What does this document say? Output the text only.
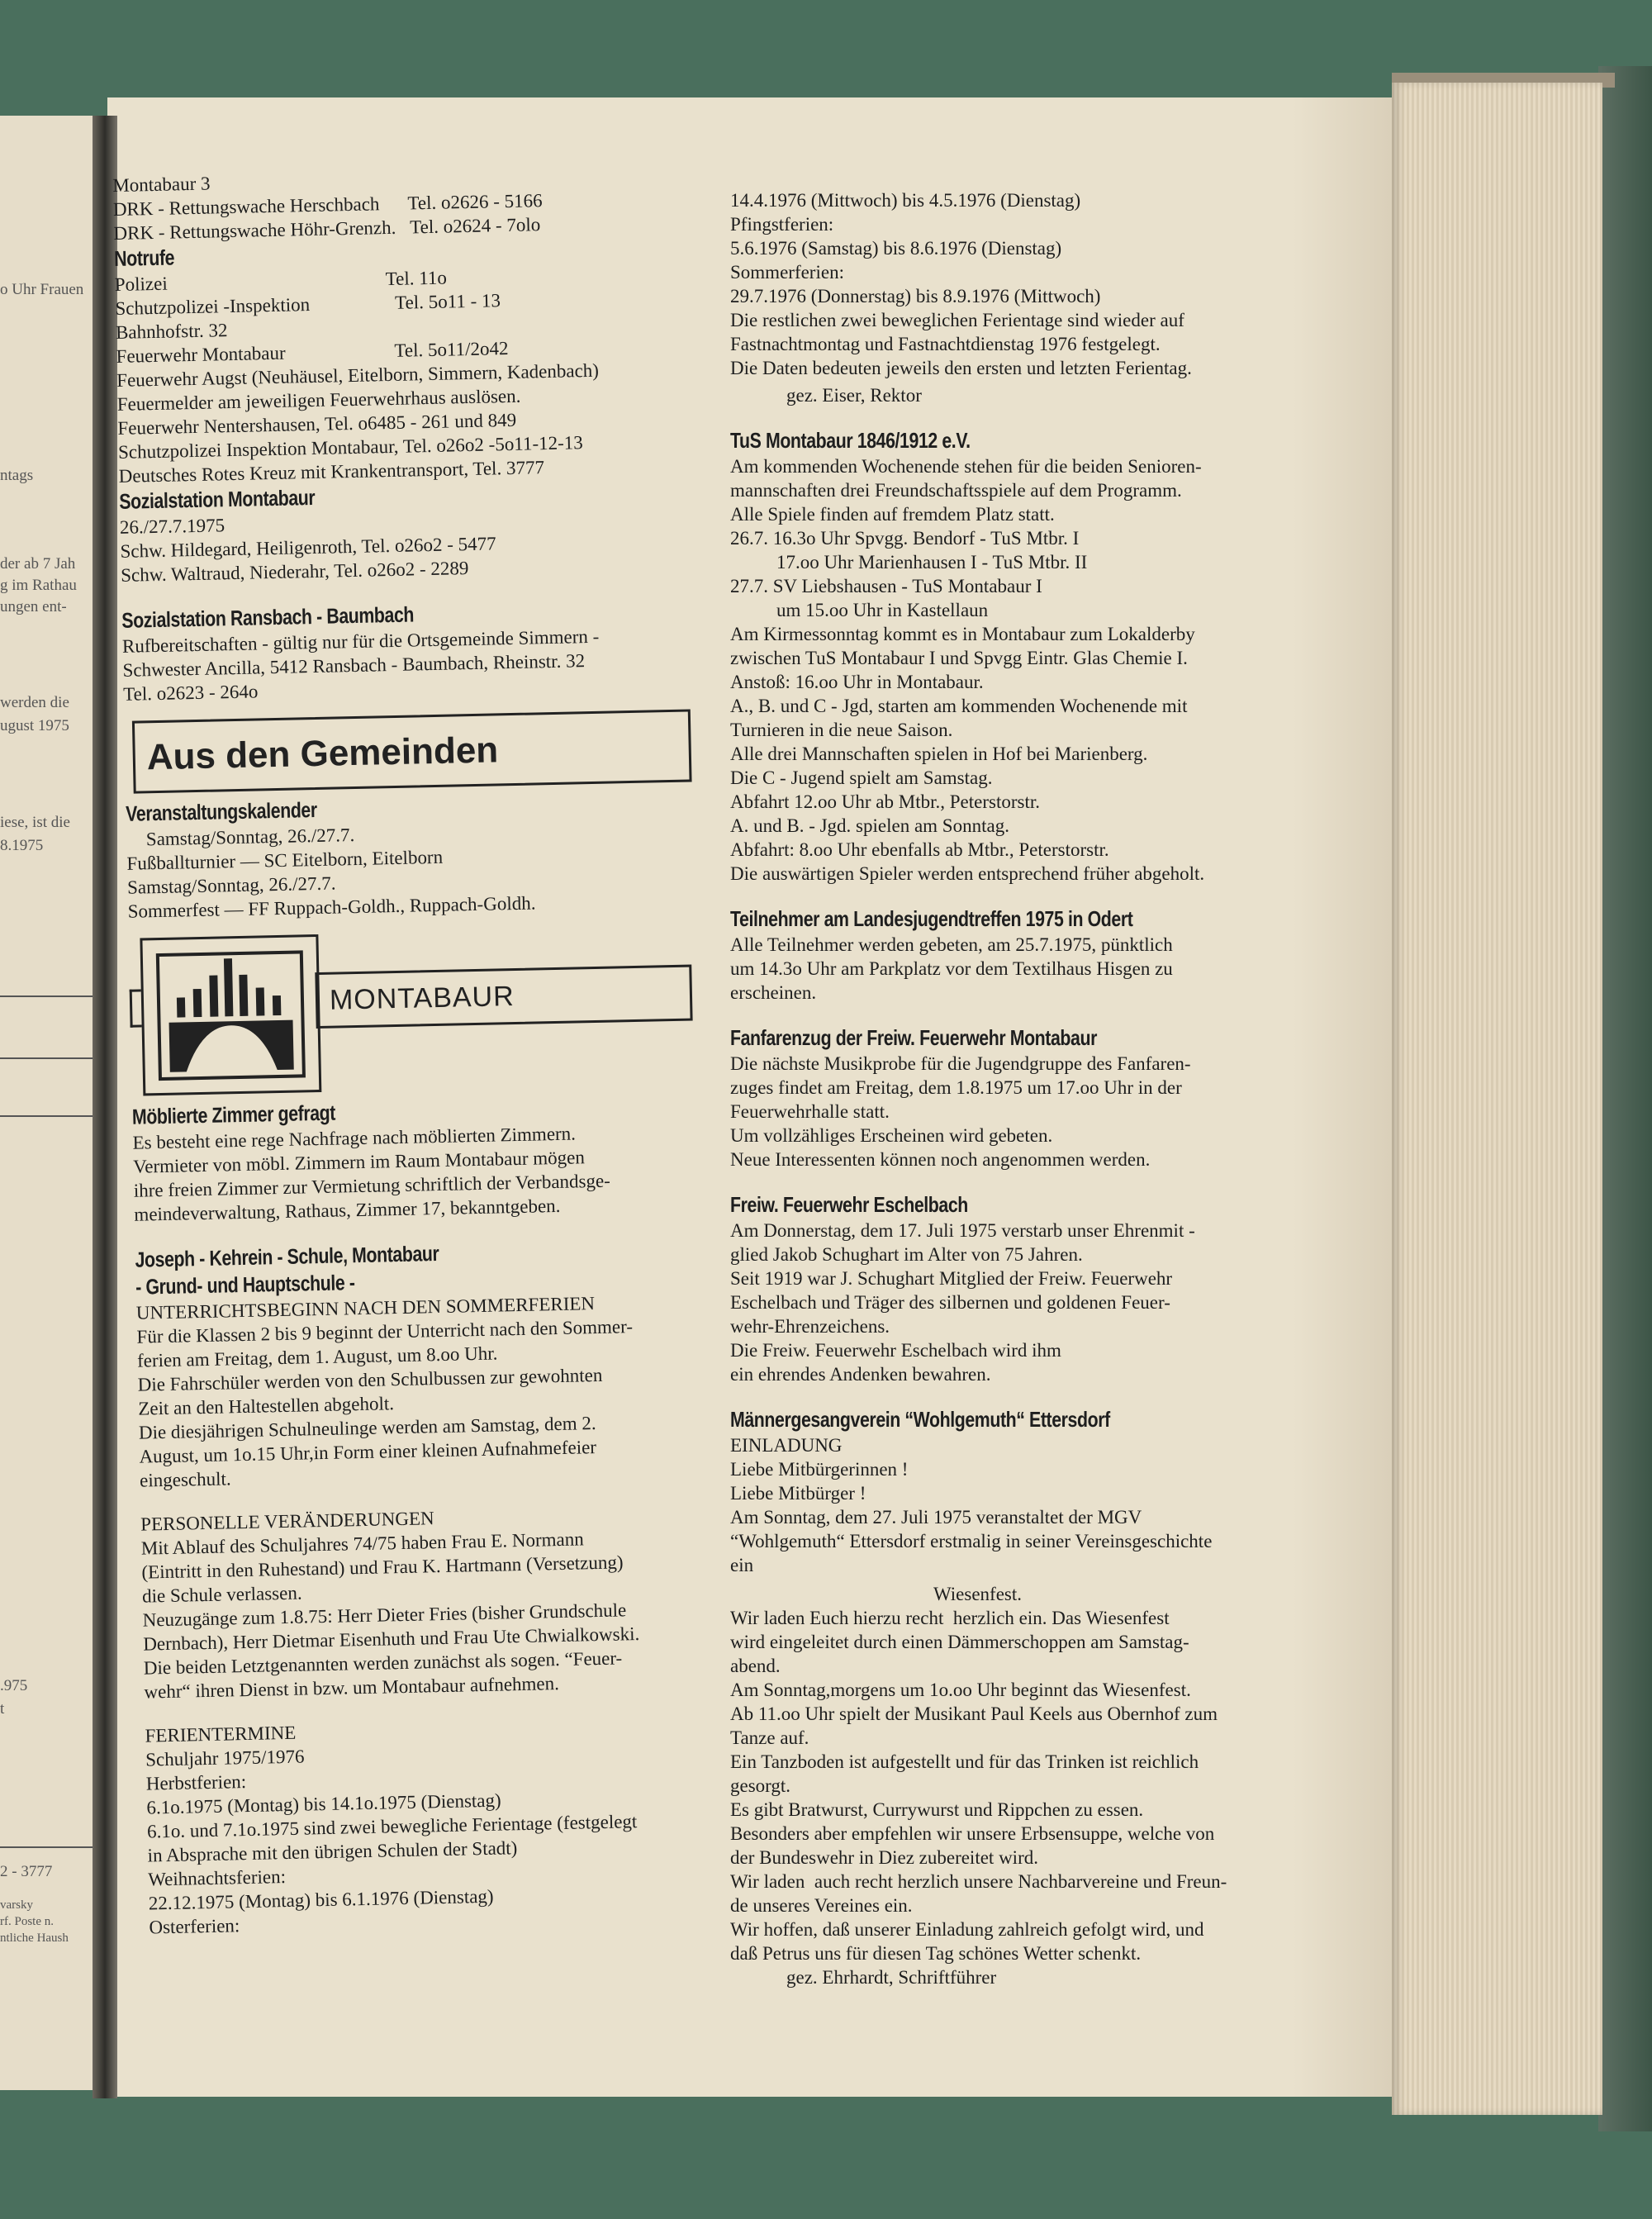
o Uhr Frauen
ntags
der ab 7 Jah
g im Rathau
ungen ent-
werden die
ugust 1975
iese, ist die
8.1975
.975
t
2 - 3777
varsky
rf. Poste n.
ntliche Haush
Montabaur 3
DRK - Rettungswache Herschbach      Tel. o2626 - 5166
DRK - Rettungswache Höhr-Grenzh.   Tel. o2624 - 7olo
Notrufe
Polizei                                              Tel. 11o
Schutzpolizei -Inspektion                  Tel. 5o11 - 13
Bahnhofstr. 32
Feuerwehr Montabaur                       Tel. 5o11/2o42
Feuerwehr Augst (Neuhäusel, Eitelborn, Simmern, Kadenbach)
Feuermelder am jeweiligen Feuerwehrhaus auslösen.
Feuerwehr Nentershausen, Tel. o6485 - 261 und 849
Schutzpolizei Inspektion Montabaur, Tel. o26o2 -5o11-12-13
Deutsches Rotes Kreuz mit Krankentransport, Tel. 3777
Sozialstation Montabaur
26./27.7.1975
Schw. Hildegard, Heiligenroth, Tel. o26o2 - 5477
Schw. Waltraud, Niederahr, Tel. o26o2 - 2289
Sozialstation Ransbach - Baumbach
Rufbereitschaften - gültig nur für die Ortsgemeinde Simmern -
Schwester Ancilla, 5412 Ransbach - Baumbach, Rheinstr. 32
Tel. o2623 - 264o
Aus den Gemeinden
Veranstaltungskalender
Samstag/Sonntag, 26./27.7.
Fußballturnier — SC Eitelborn, Eitelborn
Samstag/Sonntag, 26./27.7.
Sommerfest — FF Ruppach-Goldh., Ruppach-Goldh.
MONTABAUR
Möblierte Zimmer gefragt
Es besteht eine rege Nachfrage nach möblierten Zimmern.
Vermieter von möbl. Zimmern im Raum Montabaur mögen
ihre freien Zimmer zur Vermietung schriftlich der Verbandsge-
meindeverwaltung, Rathaus, Zimmer 17, bekanntgeben.
Joseph - Kehrein - Schule, Montabaur
- Grund- und Hauptschule -
UNTERRICHTSBEGINN NACH DEN SOMMERFERIEN
Für die Klassen 2 bis 9 beginnt der Unterricht nach den Sommer-
ferien am Freitag, dem 1. August, um 8.oo Uhr.
Die Fahrschüler werden von den Schulbussen zur gewohnten
Zeit an den Haltestellen abgeholt.
Die diesjährigen Schulneulinge werden am Samstag, dem 2.
August, um 1o.15 Uhr,in Form einer kleinen Aufnahmefeier
eingeschult.
PERSONELLE VERÄNDERUNGEN
Mit Ablauf des Schuljahres 74/75 haben Frau E. Normann
(Eintritt in den Ruhestand) und Frau K. Hartmann (Versetzung)
die Schule verlassen.
Neuzugänge zum 1.8.75: Herr Dieter Fries (bisher Grundschule
Dernbach), Herr Dietmar Eisenhuth und Frau Ute Chwialkowski.
Die beiden Letztgenannten werden zunächst als sogen. “Feuer-
wehr“ ihren Dienst in bzw. um Montabaur aufnehmen.
FERIENTERMINE
Schuljahr 1975/1976
Herbstferien:
6.1o.1975 (Montag) bis 14.1o.1975 (Dienstag)
6.1o. und 7.1o.1975 sind zwei bewegliche Ferientage (festgelegt
in Absprache mit den übrigen Schulen der Stadt)
Weihnachtsferien:
22.12.1975 (Montag) bis 6.1.1976 (Dienstag)
Osterferien:
14.4.1976 (Mittwoch) bis 4.5.1976 (Dienstag)
Pfingstferien:
5.6.1976 (Samstag) bis 8.6.1976 (Dienstag)
Sommerferien:
29.7.1976 (Donnerstag) bis 8.9.1976 (Mittwoch)
Die restlichen zwei beweglichen Ferientage sind wieder auf
Fastnachtmontag und Fastnachtdienstag 1976 festgelegt.
Die Daten bedeuten jeweils den ersten und letzten Ferientag.
gez. Eiser, Rektor
TuS Montabaur 1846/1912 e.V.
Am kommenden Wochenende stehen für die beiden Senioren-
mannschaften drei Freundschaftsspiele auf dem Programm.
Alle Spiele finden auf fremdem Platz statt.
26.7. 16.3o Uhr Spvgg. Bendorf - TuS Mtbr. I
17.oo Uhr Marienhausen I - TuS Mtbr. II
27.7. SV Liebshausen - TuS Montabaur I
um 15.oo Uhr in Kastellaun
Am Kirmessonntag kommt es in Montabaur zum Lokalderby
zwischen TuS Montabaur I und Spvgg Eintr. Glas Chemie I.
Anstoß: 16.oo Uhr in Montabaur.
A., B. und C - Jgd, starten am kommenden Wochenende mit
Turnieren in die neue Saison.
Alle drei Mannschaften spielen in Hof bei Marienberg.
Die C - Jugend spielt am Samstag.
Abfahrt 12.oo Uhr ab Mtbr., Peterstorstr.
A. und B. - Jgd. spielen am Sonntag.
Abfahrt: 8.oo Uhr ebenfalls ab Mtbr., Peterstorstr.
Die auswärtigen Spieler werden entsprechend früher abgeholt.
Teilnehmer am Landesjugendtreffen 1975 in Odert
Alle Teilnehmer werden gebeten, am 25.7.1975, pünktlich
um 14.3o Uhr am Parkplatz vor dem Textilhaus Hisgen zu
erscheinen.
Fanfarenzug der Freiw. Feuerwehr Montabaur
Die nächste Musikprobe für die Jugendgruppe des Fanfaren-
zuges findet am Freitag, dem 1.8.1975 um 17.oo Uhr in der
Feuerwehrhalle statt.
Um vollzähliges Erscheinen wird gebeten.
Neue Interessenten können noch angenommen werden.
Freiw. Feuerwehr Eschelbach
Am Donnerstag, dem 17. Juli 1975 verstarb unser Ehrenmit -
glied Jakob Schughart im Alter von 75 Jahren.
Seit 1919 war J. Schughart Mitglied der Freiw. Feuerwehr
Eschelbach und Träger des silbernen und goldenen Feuer-
wehr-Ehrenzeichens.
Die Freiw. Feuerwehr Eschelbach wird ihm
ein ehrendes Andenken bewahren.
Männergesangverein “Wohlgemuth“ Ettersdorf
EINLADUNG
Liebe Mitbürgerinnen !
Liebe Mitbürger !
Am Sonntag, dem 27. Juli 1975 veranstaltet der MGV
“Wohlgemuth“ Ettersdorf erstmalig in seiner Vereinsgeschichte
ein
Wiesenfest.
Wir laden Euch hierzu recht  herzlich ein. Das Wiesenfest
wird eingeleitet durch einen Dämmerschoppen am Samstag-
abend.
Am Sonntag,morgens um 1o.oo Uhr beginnt das Wiesenfest.
Ab 11.oo Uhr spielt der Musikant Paul Keels aus Obernhof zum
Tanze auf.
Ein Tanzboden ist aufgestellt und für das Trinken ist reichlich
gesorgt.
Es gibt Bratwurst, Currywurst und Rippchen zu essen.
Besonders aber empfehlen wir unsere Erbsensuppe, welche von
der Bundeswehr in Diez zubereitet wird.
Wir laden  auch recht herzlich unsere Nachbarvereine und Freun-
de unseres Vereines ein.
Wir hoffen, daß unserer Einladung zahlreich gefolgt wird, und
daß Petrus uns für diesen Tag schönes Wetter schenkt.
gez. Ehrhardt, Schriftführer
